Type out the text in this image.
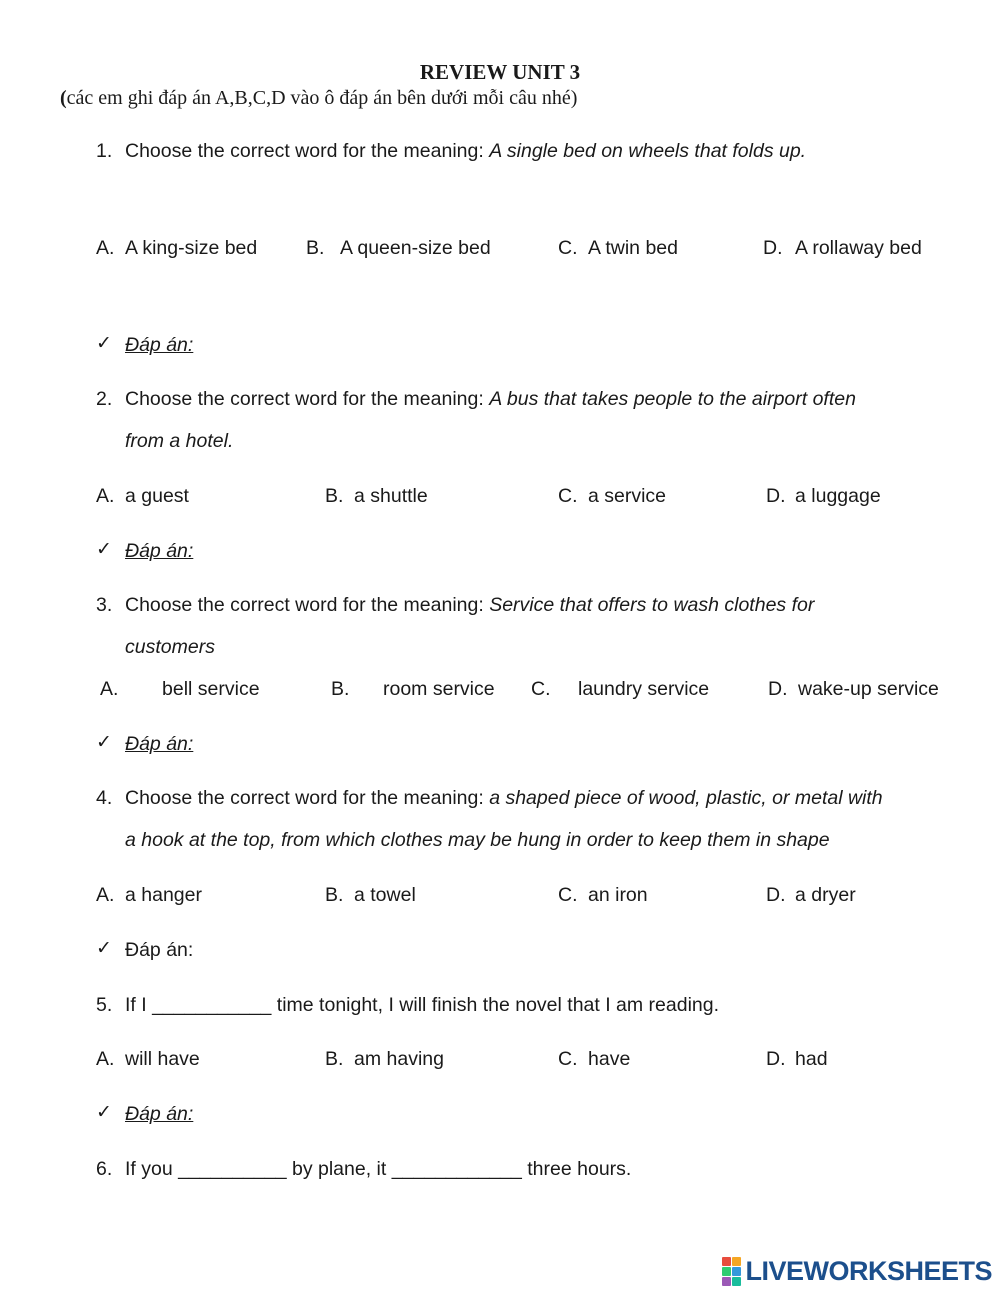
REVIEW UNIT 3
(các em ghi đáp án A,B,C,D vào ô đáp án bên dưới mỗi câu nhé)
1. Choose the correct word for the meaning: A single bed on wheels that folds up.
A. A king-size bed	B. A queen-size bed	C. A twin bed	D. A rollaway bed
✓ Đáp án:
2. Choose the correct word for the meaning: A bus that takes people to the airport often
from a hotel.
A. a guest	B. a shuttle	C. a service	D. a luggage
✓ Đáp án:
3. Choose the correct word for the meaning: Service that offers to wash clothes for
customers
A. bell service	B. room service C. laundry service	D. wake-up service
✓ Đáp án:
4. Choose the correct word for the meaning: a shaped piece of wood, plastic, or metal with
a hook at the top, from which clothes may be hung in order to keep them in shape
A. a hanger	B. a towel	C. an iron	D. a dryer
✓ Đáp án:
5. If I ___________ time tonight, I will finish the novel that I am reading.
A. will have	B. am having	C. have	D. had
✓ Đáp án:
6. If you __________ by plane, it ____________ three hours.
LIVEWORKSHEETS
